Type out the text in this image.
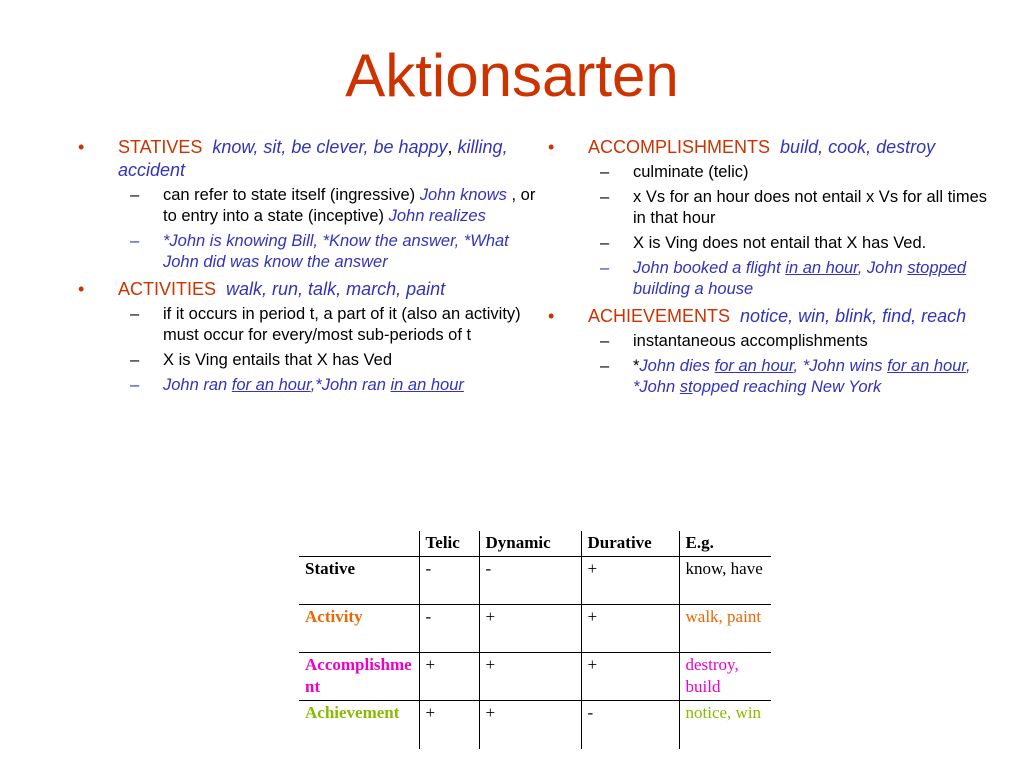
Aktionsarten
• STATIVES know, sit, be clever, be happy, killing, accident
– can refer to state itself (ingressive) John knows , or to entry into a state (inceptive) John realizes
– *John is knowing Bill, *Know the answer, *What John did was know the answer
• ACTIVITIES walk, run, talk, march, paint
– if it occurs in period t, a part of it (also an activity) must occur for every/most sub-periods of t
– X is Ving entails that X has Ved
– John ran for an hour,*John ran in an hour
• ACCOMPLISHMENTS build, cook, destroy
– culminate (telic)
– x Vs for an hour does not entail x Vs for all times in that hour
– X is Ving does not entail that X has Ved.
– John booked a flight in an hour, John stopped building a house
• ACHIEVEMENTS notice, win, blink, find, reach
– instantaneous accomplishments
– *John dies for an hour, *John wins for an hour, *John stopped reaching New York
	Telic	Dynamic	Durative	E.g.
Stative	-	-	+	know, have
Activity	-	+	+	walk, paint
Accomplishment	+	+	+	destroy, build
Achievement	+	+	-	notice, win
